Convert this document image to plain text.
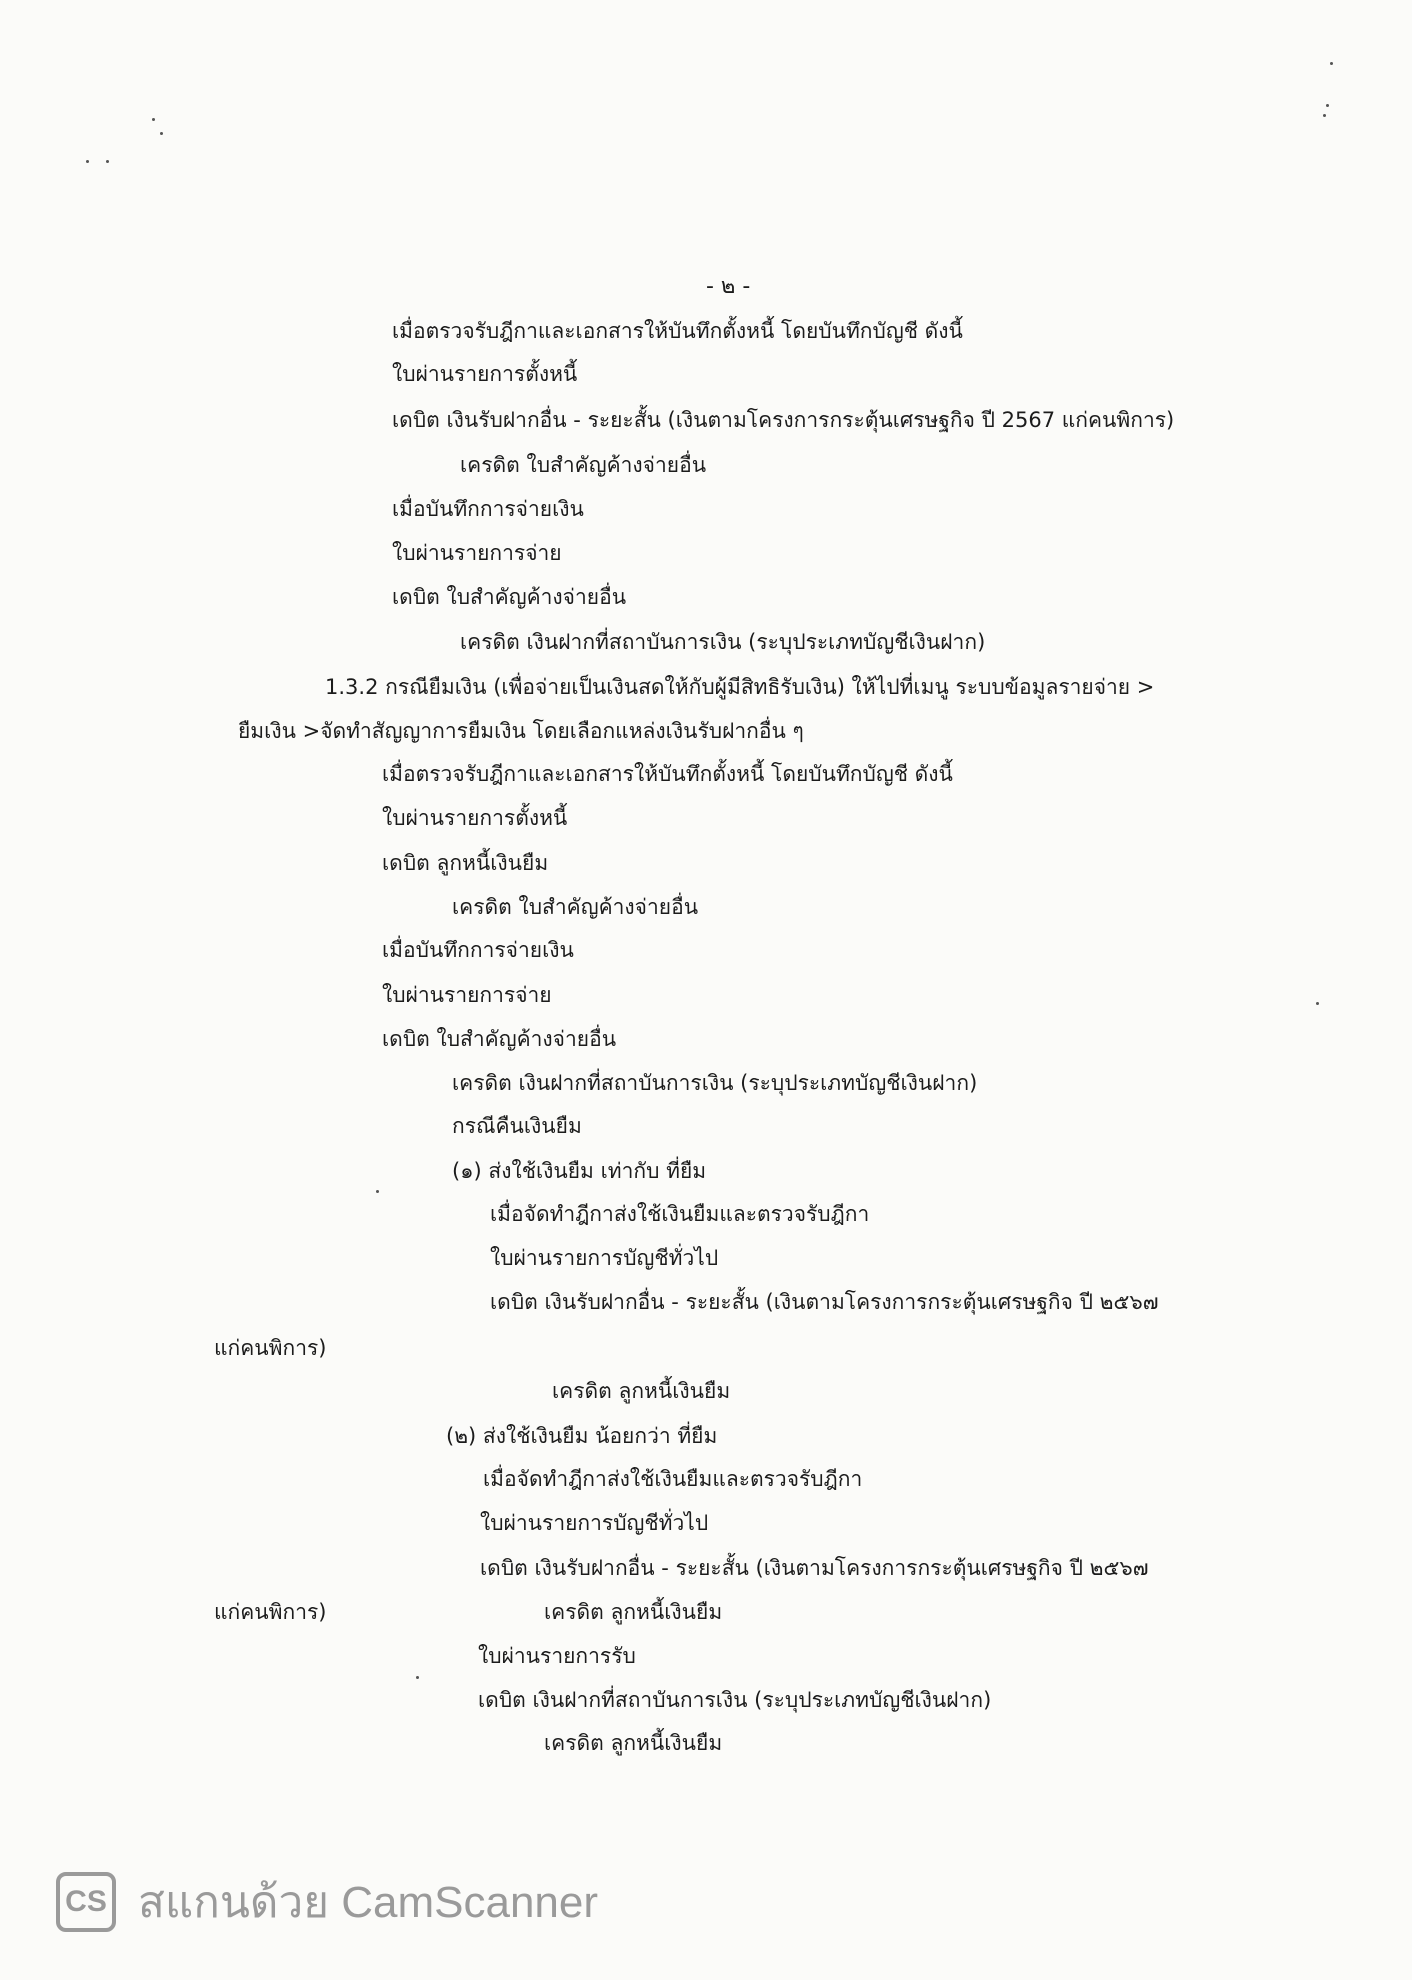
- ๒ -
เมื่อตรวจรับฎีกาและเอกสารให้บันทึกตั้งหนี้ โดยบันทึกบัญชี ดังนี้
ใบผ่านรายการตั้งหนี้
เดบิต เงินรับฝากอื่น - ระยะสั้น (เงินตามโครงการกระตุ้นเศรษฐกิจ ปี 2567 แก่คนพิการ)
เครดิต ใบสำคัญค้างจ่ายอื่น
เมื่อบันทึกการจ่ายเงิน
ใบผ่านรายการจ่าย
เดบิต ใบสำคัญค้างจ่ายอื่น
เครดิต เงินฝากที่สถาบันการเงิน (ระบุประเภทบัญชีเงินฝาก)
1.3.2 กรณียืมเงิน (เพื่อจ่ายเป็นเงินสดให้กับผู้มีสิทธิรับเงิน) ให้ไปที่เมนู ระบบข้อมูลรายจ่าย >
ยืมเงิน >จัดทำสัญญาการยืมเงิน โดยเลือกแหล่งเงินรับฝากอื่น ๆ
เมื่อตรวจรับฎีกาและเอกสารให้บันทึกตั้งหนี้ โดยบันทึกบัญชี ดังนี้
ใบผ่านรายการตั้งหนี้
เดบิต ลูกหนี้เงินยืม
เครดิต ใบสำคัญค้างจ่ายอื่น
เมื่อบันทึกการจ่ายเงิน
ใบผ่านรายการจ่าย
เดบิต ใบสำคัญค้างจ่ายอื่น
เครดิต เงินฝากที่สถาบันการเงิน (ระบุประเภทบัญชีเงินฝาก)
กรณีคืนเงินยืม
(๑) ส่งใช้เงินยืม เท่ากับ ที่ยืม
เมื่อจัดทำฎีกาส่งใช้เงินยืมและตรวจรับฎีกา
ใบผ่านรายการบัญชีทั่วไป
เดบิต เงินรับฝากอื่น - ระยะสั้น (เงินตามโครงการกระตุ้นเศรษฐกิจ ปี ๒๕๖๗
แก่คนพิการ)
เครดิต ลูกหนี้เงินยืม
(๒) ส่งใช้เงินยืม น้อยกว่า ที่ยืม
เมื่อจัดทำฎีกาส่งใช้เงินยืมและตรวจรับฎีกา
ใบผ่านรายการบัญชีทั่วไป
เดบิต เงินรับฝากอื่น - ระยะสั้น (เงินตามโครงการกระตุ้นเศรษฐกิจ ปี ๒๕๖๗
แก่คนพิการ)	เครดิต ลูกหนี้เงินยืม
ใบผ่านรายการรับ
เดบิต เงินฝากที่สถาบันการเงิน (ระบุประเภทบัญชีเงินฝาก)
เครดิต ลูกหนี้เงินยืม
CS สแกนด้วย CamScanner
